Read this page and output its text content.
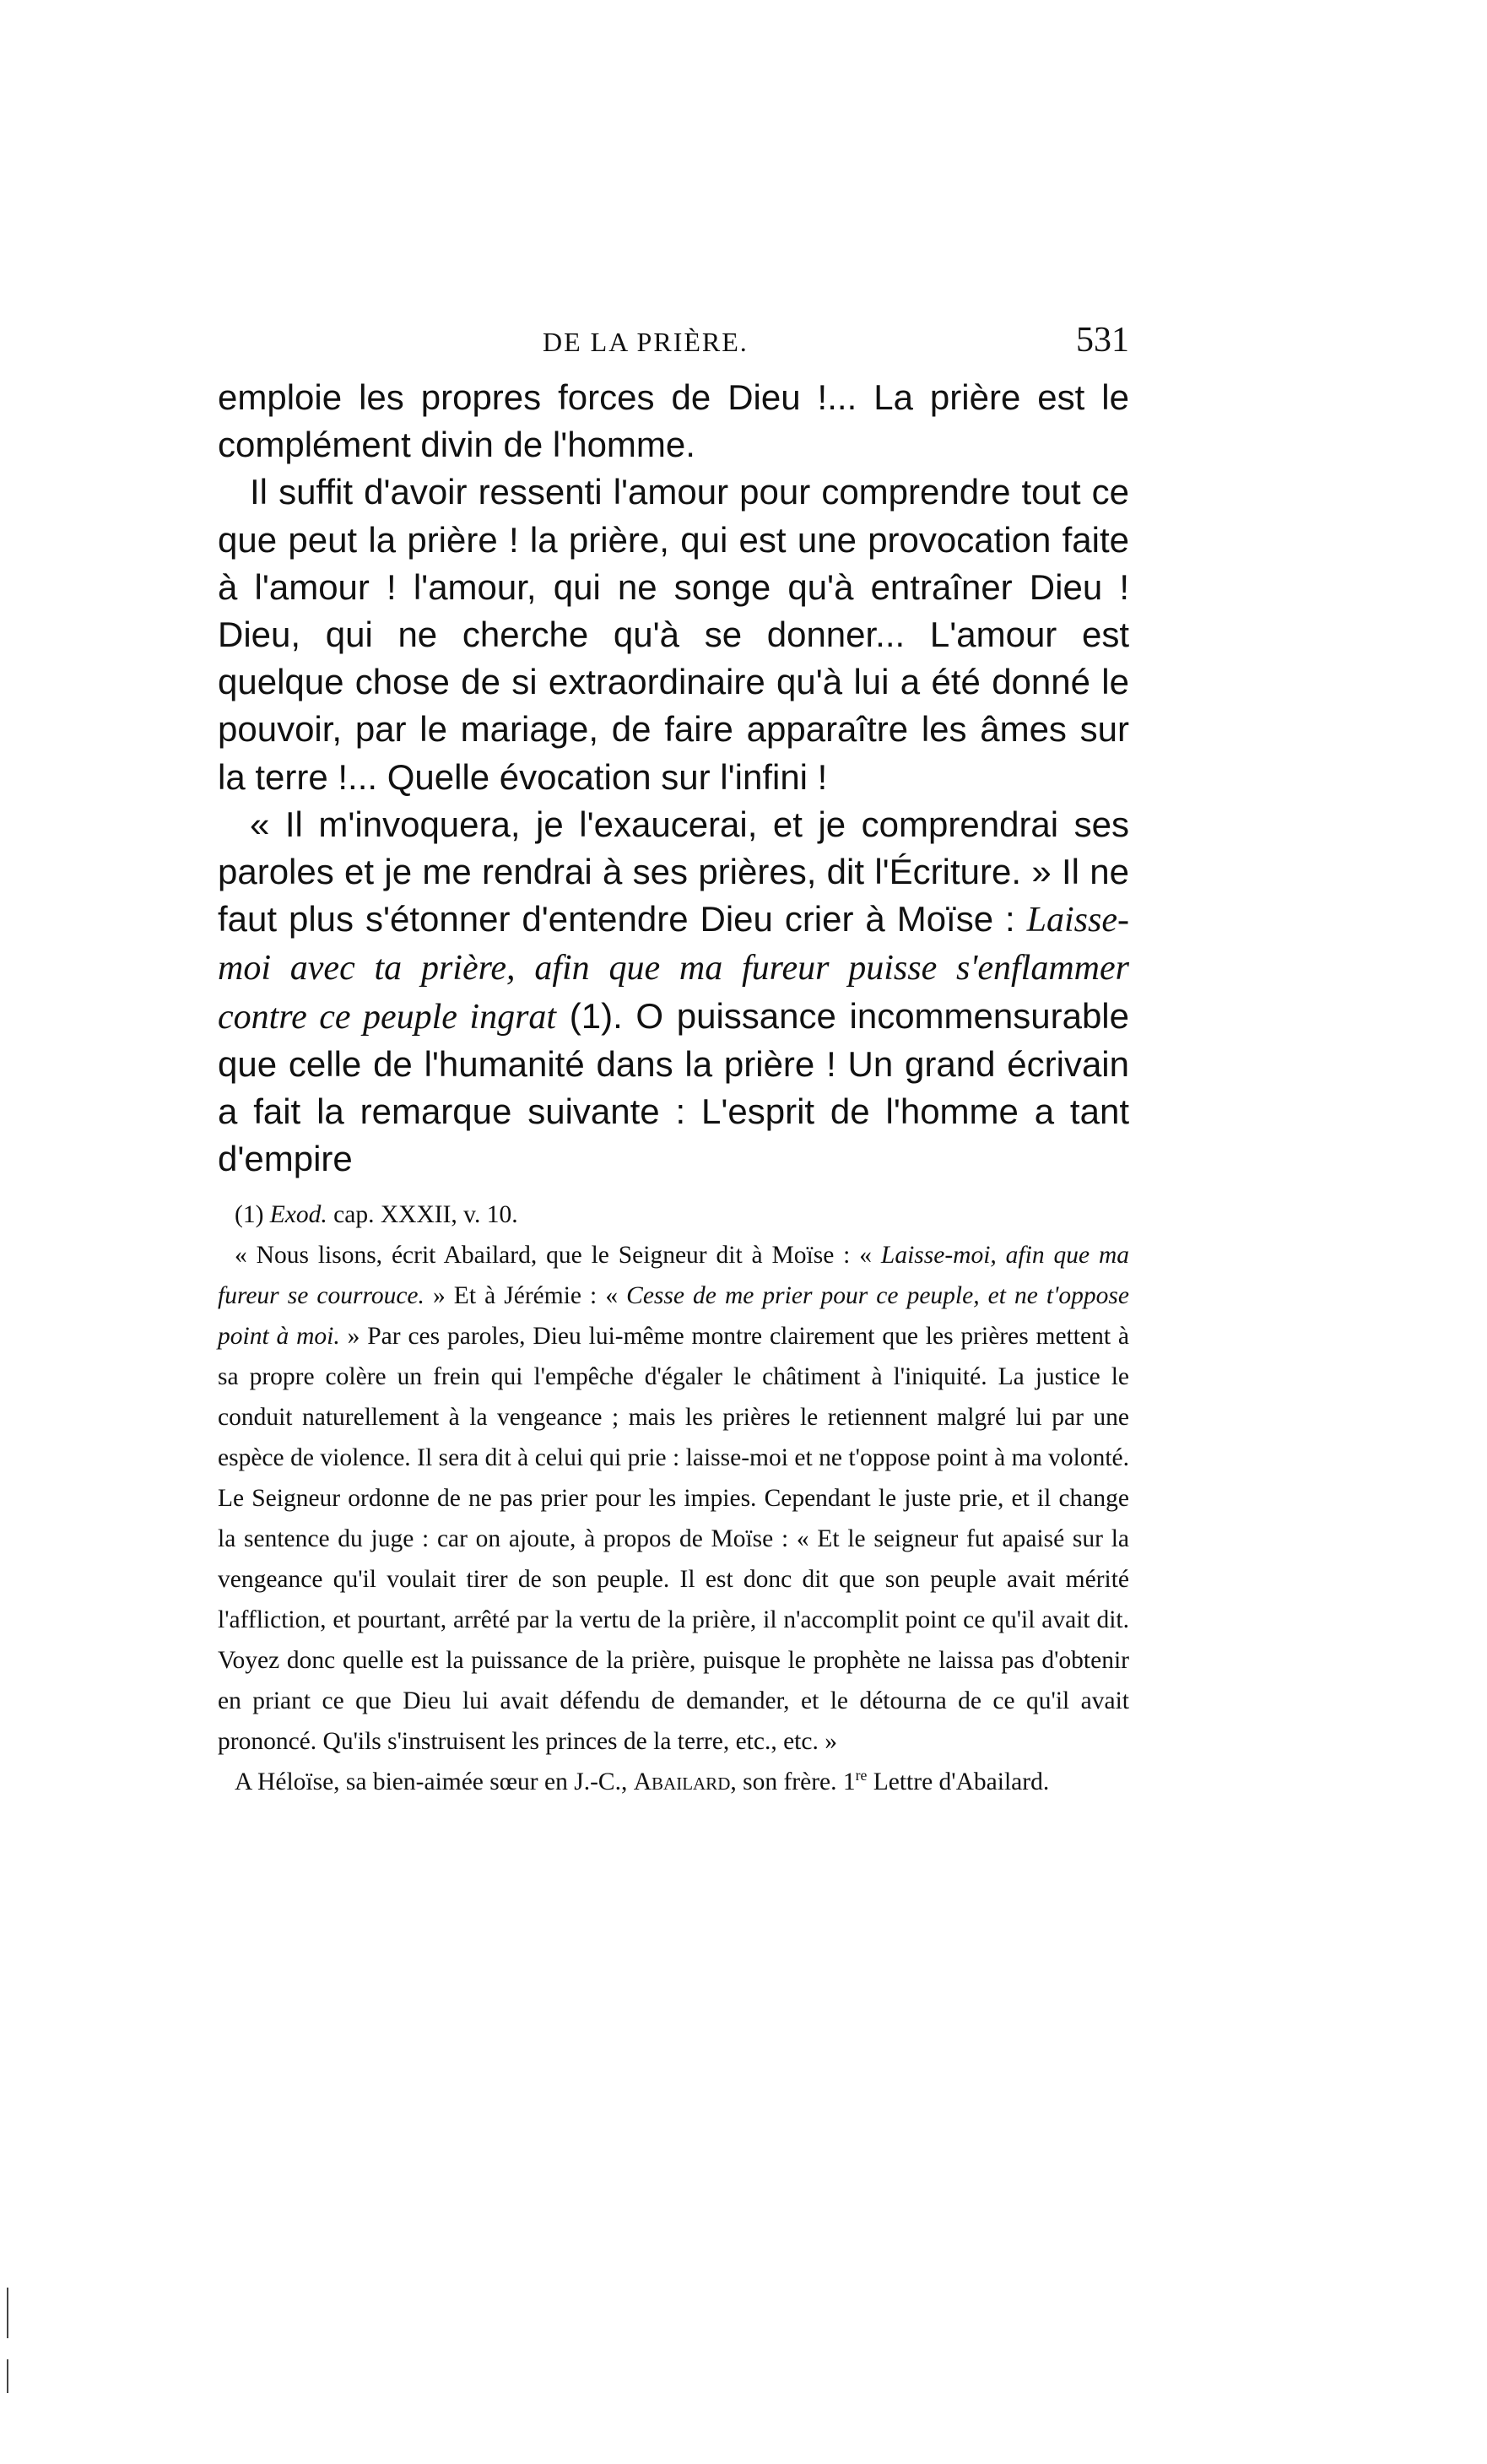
DE LA PRIÈRE.	531

emploie les propres forces de Dieu !... La prière est le complément divin de l'homme.

Il suffit d'avoir ressenti l'amour pour comprendre tout ce que peut la prière ! la prière, qui est une provocation faite à l'amour ! l'amour, qui ne songe qu'à entraîner Dieu ! Dieu, qui ne cherche qu'à se donner... L'amour est quelque chose de si extraordinaire qu'à lui a été donné le pouvoir, par le mariage, de faire apparaître les âmes sur la terre !... Quelle évocation sur l'infini !

« Il m'invoquera, je l'exaucerai, et je comprendrai ses paroles et je me rendrai à ses prières, dit l'Écriture. » Il ne faut plus s'étonner d'entendre Dieu crier à Moïse : Laisse-moi avec ta prière, afin que ma fureur puisse s'enflammer contre ce peuple ingrat (1). O puissance incommensurable que celle de l'humanité dans la prière ! Un grand écrivain a fait la remarque suivante : L'esprit de l'homme a tant d'empire

(1) Exod. cap. XXXII, v. 10.

« Nous lisons, écrit Abailard, que le Seigneur dit à Moïse : « Laisse-moi, afin que ma fureur se courrouce. » Et à Jérémie : « Cesse de me prier pour ce peuple, et ne t'oppose point à moi. » Par ces paroles, Dieu lui-même montre clairement que les prières mettent à sa propre colère un frein qui l'empêche d'égaler le châtiment à l'iniquité. La justice le conduit naturellement à la vengeance ; mais les prières le retiennent malgré lui par une espèce de violence. Il sera dit à celui qui prie : laisse-moi et ne t'oppose point à ma volonté. Le Seigneur ordonne de ne pas prier pour les impies. Cependant le juste prie, et il change la sentence du juge : car on ajoute, à propos de Moïse : « Et le seigneur fut apaisé sur la vengeance qu'il voulait tirer de son peuple. Il est donc dit que son peuple avait mérité l'affliction, et pourtant, arrêté par la vertu de la prière, il n'accomplit point ce qu'il avait dit. Voyez donc quelle est la puissance de la prière, puisque le prophète ne laissa pas d'obtenir en priant ce que Dieu lui avait défendu de demander, et le détourna de ce qu'il avait prononcé. Qu'ils s'instruisent les princes de la terre, etc., etc. »

A Héloïse, sa bien-aimée sœur en J.-C., Abailard, son frère. 1re Lettre d'Abailard.
